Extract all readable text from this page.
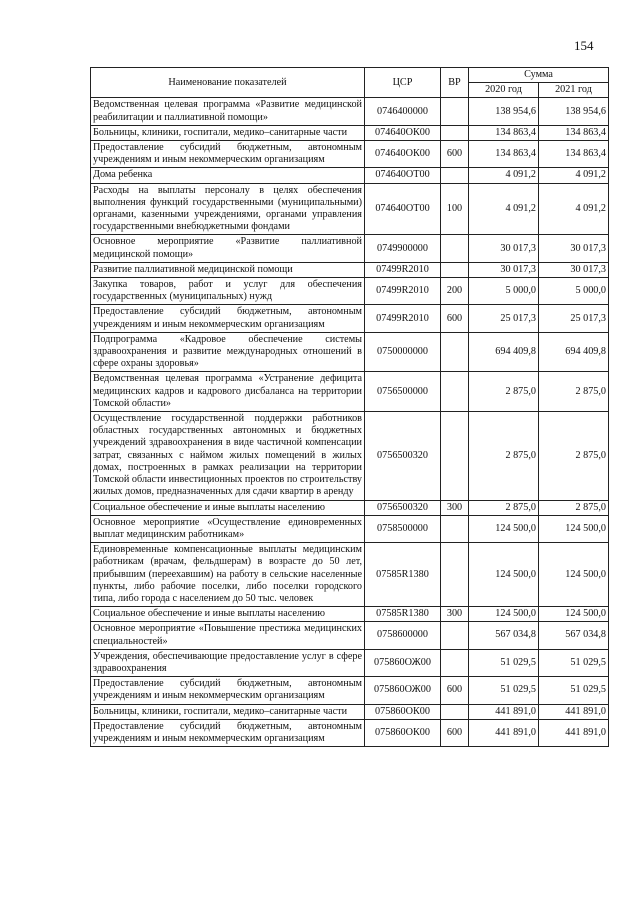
154
Наименование показателей	ЦСР	ВР	Сумма	
			2020 год	2021 год
Ведомственная целевая программа «Развитие медицинской реабилитации и паллиативной помощи»	0746400000		138 954,6	138 954,6
Больницы, клиники, госпитали, медико–санитарные части	074640ОК00		134 863,4	134 863,4
Предоставление субсидий бюджетным, автономным учреждениям и иным некоммерческим организациям	074640ОК00	600	134 863,4	134 863,4
Дома ребенка	074640ОТ00		4 091,2	4 091,2
Расходы на выплаты персоналу в целях обеспечения выполнения функций государственными (муниципальными) органами, казенными учреждениями, органами управления государственными внебюджетными фондами	074640ОТ00	100	4 091,2	4 091,2
Основное мероприятие «Развитие паллиативной медицинской помощи»	0749900000		30 017,3	30 017,3
Развитие паллиативной медицинской помощи	07499R2010		30 017,3	30 017,3
Закупка товаров, работ и услуг для обеспечения государственных (муниципальных) нужд	07499R2010	200	5 000,0	5 000,0
Предоставление субсидий бюджетным, автономным учреждениям и иным некоммерческим организациям	07499R2010	600	25 017,3	25 017,3
Подпрограмма «Кадровое обеспечение системы здравоохранения и развитие международных отношений в сфере охраны здоровья»	0750000000		694 409,8	694 409,8
Ведомственная целевая программа «Устранение дефицита медицинских кадров и кадрового дисбаланса на территории Томской области»	0756500000		2 875,0	2 875,0
Осуществление государственной поддержки работников областных государственных автономных и бюджетных учреждений здравоохранения в виде частичной компенсации затрат, связанных с наймом жилых помещений в жилых домах, построенных в рамках реализации на территории Томской области инвестиционных проектов по строительству жилых домов, предназначенных для сдачи квартир в аренду	0756500320		2 875,0	2 875,0
Социальное обеспечение и иные выплаты населению	0756500320	300	2 875,0	2 875,0
Основное мероприятие «Осуществление единовременных выплат медицинским работникам»	0758500000		124 500,0	124 500,0
Единовременные компенсационные выплаты медицинским работникам (врачам, фельдшерам) в возрасте до 50 лет, прибывшим (переехавшим) на работу в сельские населенные пункты, либо рабочие поселки, либо поселки городского типа, либо города с населением до 50 тыс. человек	07585R1380		124 500,0	124 500,0
Социальное обеспечение и иные выплаты населению	07585R1380	300	124 500,0	124 500,0
Основное мероприятие «Повышение престижа медицинских специальностей»	0758600000		567 034,8	567 034,8
Учреждения, обеспечивающие предоставление услуг в сфере здравоохранения	075860ОЖ00		51 029,5	51 029,5
Предоставление субсидий бюджетным, автономным учреждениям и иным некоммерческим организациям	075860ОЖ00	600	51 029,5	51 029,5
Больницы, клиники, госпитали, медико–санитарные части	075860ОК00		441 891,0	441 891,0
Предоставление субсидий бюджетным, автономным учреждениям и иным некоммерческим организациям	075860ОК00	600	441 891,0	441 891,0
